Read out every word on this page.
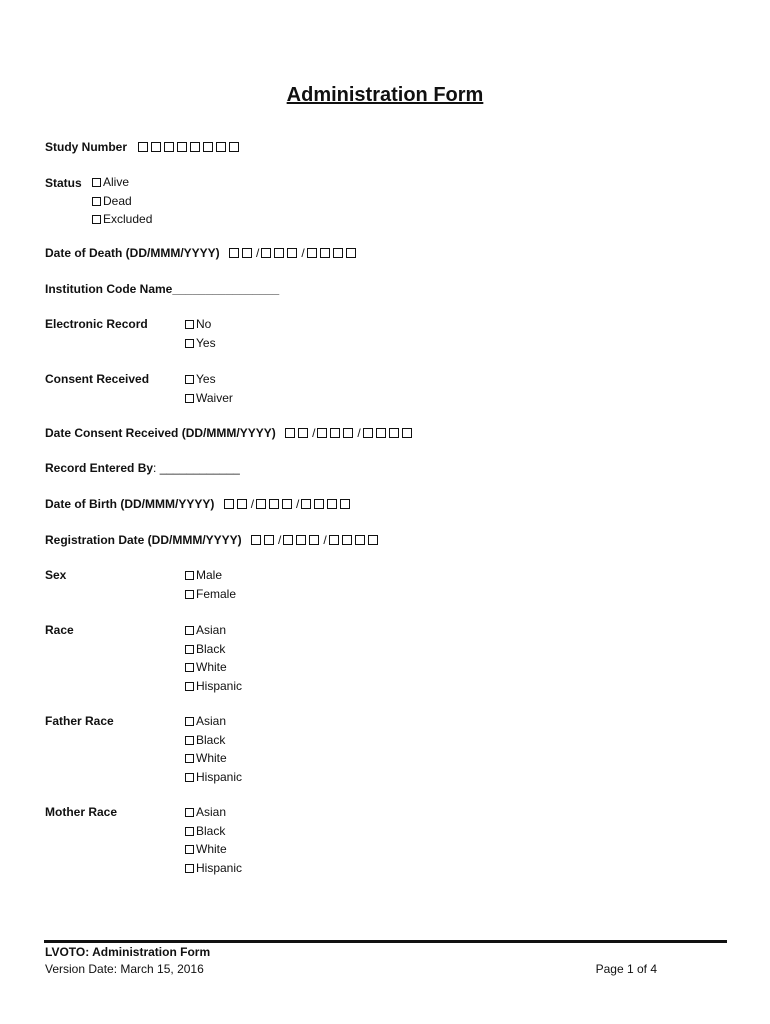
Administration Form
Study Number
Status	Alive
Dead
Excluded
Date of Death (DD/MMM/YYYY)	/	/
Institution Code Name________________
Electronic Record	No
Yes
Consent Received	Yes
Waiver
Date Consent Received (DD/MMM/YYYY)	/	/
Record Entered By: ____________
Date of Birth (DD/MMM/YYYY)	/	/
Registration Date (DD/MMM/YYYY)	/	/
Sex	Male
Female
Race	Asian
Black
White
Hispanic
Father Race	Asian
Black
White
Hispanic
Mother Race	Asian
Black
White
Hispanic
LVOTO: Administration Form
Version Date: March 15, 2016	Page 1 of 4
